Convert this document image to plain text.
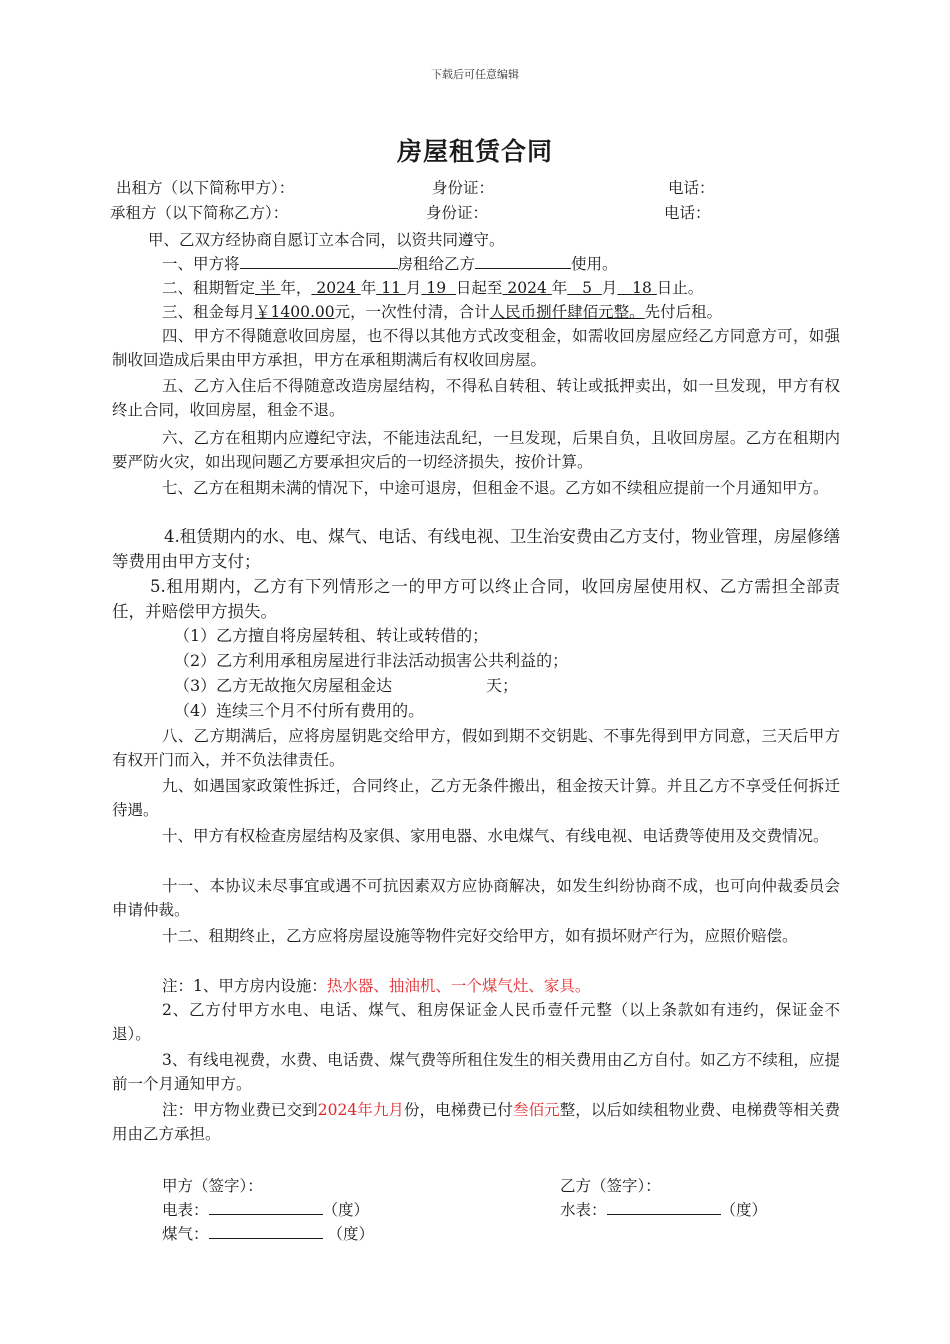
下载后可任意编辑
房屋租赁合同
出租方（以下简称甲方）：	身份证：	电话：
承租方（以下简称乙方）：	身份证：	电话：
甲、乙双方经协商自愿订立本合同，以资共同遵守。
一、甲方将	房租给乙方	使用。
二、租期暂定 半 年， 2024 年 11 月 19 日起至 2024 年 5 月 18 日止。
三、租金每月￥1400.00元，一次性付清，合计人民币捌仟肆佰元整。先付后租。
四、甲方不得随意收回房屋，也不得以其他方式改变租金，如需收回房屋应经乙方同意方可，如强制收回造成后果由甲方承担，甲方在承租期满后有权收回房屋。
五、乙方入住后不得随意改造房屋结构，不得私自转租、转让或抵押卖出，如一旦发现，甲方有权终止合同，收回房屋，租金不退。
六、乙方在租期内应遵纪守法，不能违法乱纪，一旦发现，后果自负，且收回房屋。乙方在租期内要严防火灾，如出现问题乙方要承担灾后的一切经济损失，按价计算。
七、乙方在租期未满的情况下，中途可退房，但租金不退。乙方如不续租应提前一个月通知甲方。
4.租赁期内的水、电、煤气、电话、有线电视、卫生治安费由乙方支付，物业管理，房屋修缮等费用由甲方支付；
5.租用期内，乙方有下列情形之一的甲方可以终止合同，收回房屋使用权、乙方需担全部责任，并赔偿甲方损失。
（1）乙方擅自将房屋转租、转让或转借的；
（2）乙方利用承租房屋进行非法活动损害公共利益的；
（3）乙方无故拖欠房屋租金达	天；
（4）连续三个月不付所有费用的。
八、乙方期满后，应将房屋钥匙交给甲方，假如到期不交钥匙、不事先得到甲方同意，三天后甲方有权开门而入，并不负法律责任。
九、如遇国家政策性拆迁，合同终止，乙方无条件搬出，租金按天计算。并且乙方不享受任何拆迁待遇。
十、甲方有权检查房屋结构及家俱、家用电器、水电煤气、有线电视、电话费等使用及交费情况。
十一、本协议未尽事宜或遇不可抗因素双方应协商解决，如发生纠纷协商不成，也可向仲裁委员会申请仲裁。
十二、租期终止，乙方应将房屋设施等物件完好交给甲方，如有损坏财产行为，应照价赔偿。
注：1、甲方房内设施：热水器、抽油机、一个煤气灶、家具。
2、乙方付甲方水电、电话、煤气、租房保证金人民币壹仟元整（以上条款如有违约，保证金不退）。
3、有线电视费，水费、电话费、煤气费等所租住发生的相关费用由乙方自付。如乙方不续租，应提前一个月通知甲方。
注：甲方物业费已交到2024年九月份，电梯费已付叁佰元整，以后如续租物业费、电梯费等相关费用由乙方承担。
甲方（签字）：	乙方（签字）：
电表：	（度）	水表：	（度）
煤气：	（度）
